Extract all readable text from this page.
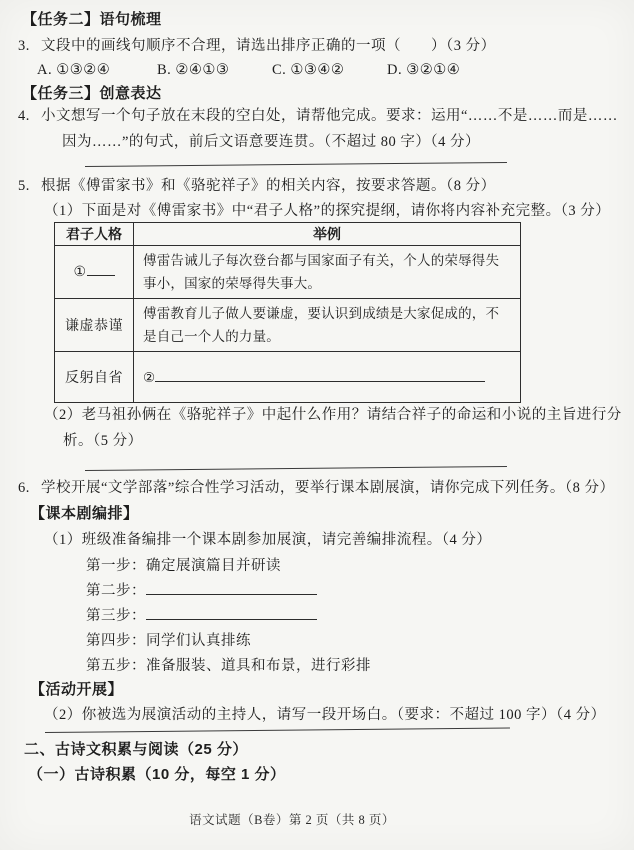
【任务二】语句梳理
3. 文段中的画线句顺序不合理，请选出排序正确的一项（　　）（3 分）
A. ①③②④	B. ②④①③	C. ①③④②	D. ③②①④
【任务三】创意表达
4. 小文想写一个句子放在末段的空白处，请帮他完成。要求：运用“……不是……而是……
因为……”的句式，前后文语意要连贯。（不超过 80 字）（4 分）
5. 根据《傅雷家书》和《骆驼祥子》的相关内容，按要求答题。（8 分）
（1）下面是对《傅雷家书》中“君子人格”的探究提纲，请你将内容补充完整。（3 分）
君子人格	举例
①	傅雷告诫儿子每次登台都与国家面子有关，个人的荣辱得失事小，国家的荣辱得失事大。
谦虚恭谨	傅雷教育儿子做人要谦虚，要认识到成绩是大家促成的，不是自己一个人的力量。
反躬自省	②
（2）老马祖孙俩在《骆驼祥子》中起什么作用？请结合祥子的命运和小说的主旨进行分
析。（5 分）
6. 学校开展“文学部落”综合性学习活动，要举行课本剧展演，请你完成下列任务。（8 分）
【课本剧编排】
（1）班级准备编排一个课本剧参加展演，请完善编排流程。（4 分）
第一步：确定展演篇目并研读
第二步：
第三步：
第四步：同学们认真排练
第五步：准备服装、道具和布景，进行彩排
【活动开展】
（2）你被选为展演活动的主持人，请写一段开场白。（要求：不超过 100 字）（4 分）
二、古诗文积累与阅读（25 分）
（一）古诗积累（10 分，每空 1 分）
语文试题（B卷）第 2 页（共 8 页）
